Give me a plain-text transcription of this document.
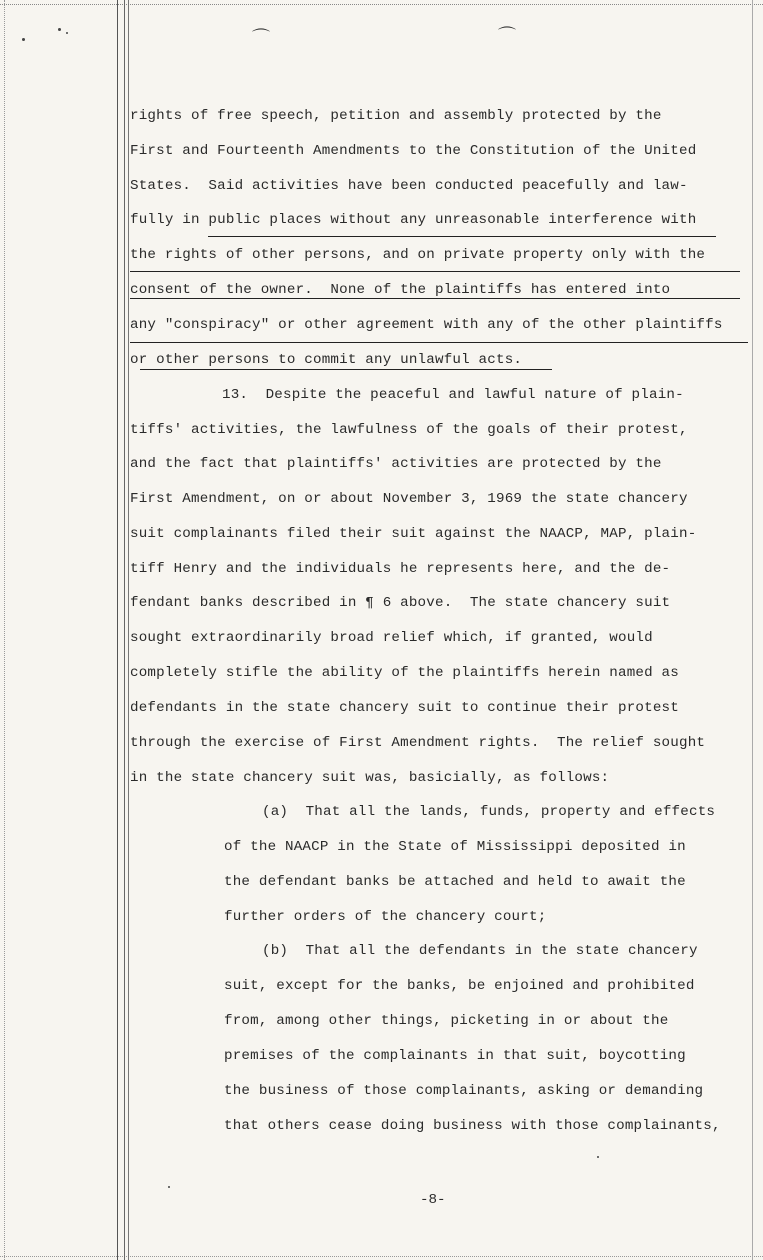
⌒	⌒
rights of free speech, petition and assembly protected by the
First and Fourteenth Amendments to the Constitution of the United
States.  Said activities have been conducted peacefully and law-
fully in public places without any unreasonable interference with
the rights of other persons, and on private property only with the
consent of the owner.  None of the plaintiffs has entered into
any "conspiracy" or other agreement with any of the other plaintiffs
or other persons to commit any unlawful acts.
13.  Despite the peaceful and lawful nature of plain-
tiffs' activities, the lawfulness of the goals of their protest,
and the fact that plaintiffs' activities are protected by the
First Amendment, on or about November 3, 1969 the state chancery
suit complainants filed their suit against the NAACP, MAP, plain-
tiff Henry and the individuals he represents here, and the de-
fendant banks described in ¶ 6 above.  The state chancery suit
sought extraordinarily broad relief which, if granted, would
completely stifle the ability of the plaintiffs herein named as
defendants in the state chancery suit to continue their protest
through the exercise of First Amendment rights.  The relief sought
in the state chancery suit was, basicially, as follows:
(a)  That all the lands, funds, property and effects
of the NAACP in the State of Mississippi deposited in
the defendant banks be attached and held to await the
further orders of the chancery court;
(b)  That all the defendants in the state chancery
suit, except for the banks, be enjoined and prohibited
from, among other things, picketing in or about the
premises of the complainants in that suit, boycotting
the business of those complainants, asking or demanding
that others cease doing business with those complainants,
-8-
